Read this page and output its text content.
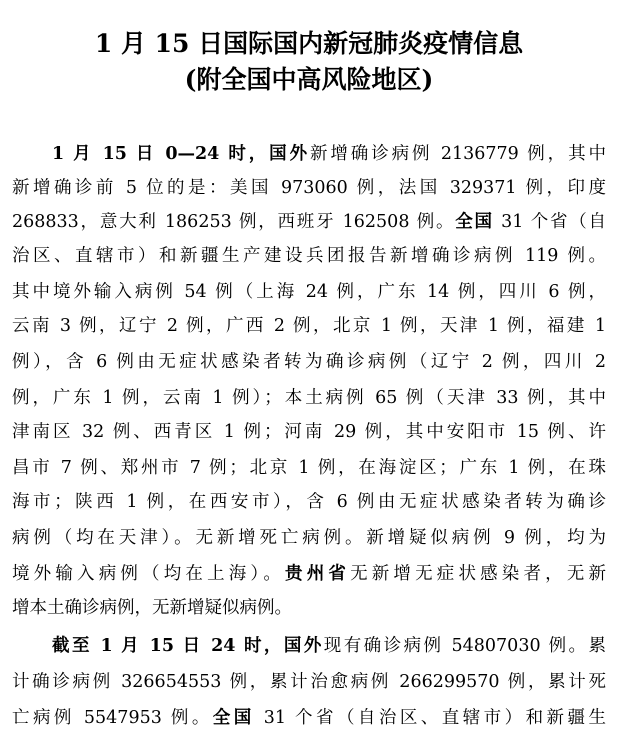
1 月 15 日国际国内新冠肺炎疫情信息
(附全国中高风险地区)
1 月 15 日 0—24 时，国外新增确诊病例 2136779 例，其中
新增确诊前 5 位的是：美国 973060 例，法国 329371 例，印度
268833，意大利 186253 例，西班牙 162508 例。全国 31 个省（自
治区、直辖市）和新疆生产建设兵团报告新增确诊病例 119 例。
其中境外输入病例 54 例（上海 24 例，广东 14 例，四川 6 例，
云南 3 例，辽宁 2 例，广西 2 例，北京 1 例，天津 1 例，福建 1
例），含 6 例由无症状感染者转为确诊病例（辽宁 2 例，四川 2
例，广东 1 例，云南 1 例）；本土病例 65 例（天津 33 例，其中
津南区 32 例、西青区 1 例；河南 29 例，其中安阳市 15 例、许
昌市 7 例、郑州市 7 例；北京 1 例，在海淀区；广东 1 例，在珠
海市；陕西 1 例，在西安市），含 6 例由无症状感染者转为确诊
病例（均在天津）。无新增死亡病例。新增疑似病例 9 例，均为
境外输入病例（均在上海）。贵州省无新增无症状感染者，无新
增本土确诊病例，无新增疑似病例。
截至 1 月 15 日 24 时，国外现有确诊病例 54807030 例。累
计确诊病例 326654553 例，累计治愈病例 266299570 例，累计死
亡病例 5547953 例。全国 31 个省（自治区、直辖市）和新疆生
